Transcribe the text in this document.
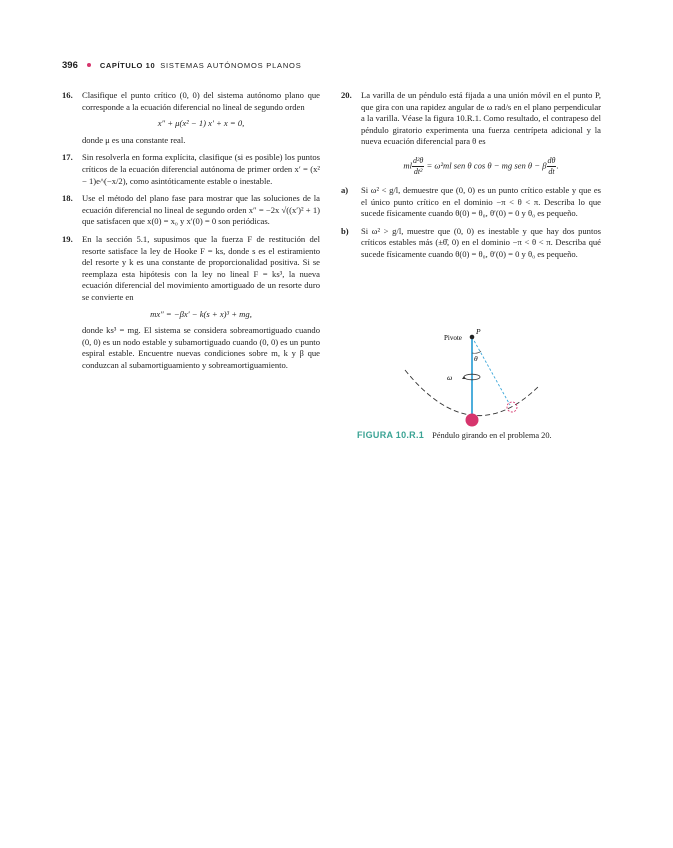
396	CAPÍTULO 10 SISTEMAS AUTÓNOMOS PLANOS
16. Clasifique el punto crítico (0, 0) del sistema autónomo plano que corresponde a la ecuación diferencial no lineal de segundo orden
x″ + μ(x² − 1) x′ + x = 0,
donde μ es una constante real.
17. Sin resolverla en forma explícita, clasifique (si es posible) los puntos críticos de la ecuación diferencial autónoma de primer orden x′ = (x² − 1)e^(−x/2), como asintóticamente estable o inestable.
18. Use el método del plano fase para mostrar que las soluciones de la ecuación diferencial no lineal de segundo orden x″ = −2x √((x′)² + 1) que satisfacen que x(0) = x₀ y x′(0) = 0 son periódicas.
19. En la sección 5.1, supusimos que la fuerza F de restitución del resorte satisface la ley de Hooke F = ks, donde s es el estiramiento del resorte y k es una constante de proporcionalidad positiva. Si se reemplaza esta hipótesis con la ley no lineal F = ks³, la nueva ecuación diferencial del movimiento amortiguado de un resorte duro se convierte en
mx″ = −βx′ − k(s + x)³ + mg,
donde ks³ = mg. El sistema se considera sobreamortiguado cuando (0, 0) es un nodo estable y subamortiguado cuando (0, 0) es un punto espiral estable. Encuentre nuevas condiciones sobre m, k y β que conduzcan al subamortiguamiento y sobreamortiguamiento.
20. La varilla de un péndulo está fijada a una unión móvil en el punto P, que gira con una rapidez angular de ω rad/s en el plano perpendicular a la varilla. Véase la figura 10.R.1. Como resultado, el contrapeso del péndulo giratorio experimenta una fuerza centrípeta adicional y la nueva ecuación diferencial para θ es
ml $\frac{\text{d²θ}}{\text{dt²}} = \omega^2ml$ sen θ cos θ − mg sen θ − β $\frac{d\theta}{dt}$ .
a) Si ω² < g/l, demuestre que (0, 0) es un punto crítico estable y que es el único punto crítico en el dominio −π < θ < π. Describa lo que sucede físicamente cuando θ(0) = θ₀, θ′(0) = 0 y θ₀ es pequeño.
b) Si ω² > g/l, muestre que (0, 0) es inestable y que hay dos puntos críticos estables más (±θ̂, 0) en el dominio −π < θ < π. Describa qué sucede físicamente cuando θ(0) = θ₀, θ′(0) = 0 y θ₀ es pequeño.
Pivote
P
θ
ω
FIGURA 10.R.1 Péndulo girando en el problema 20.
